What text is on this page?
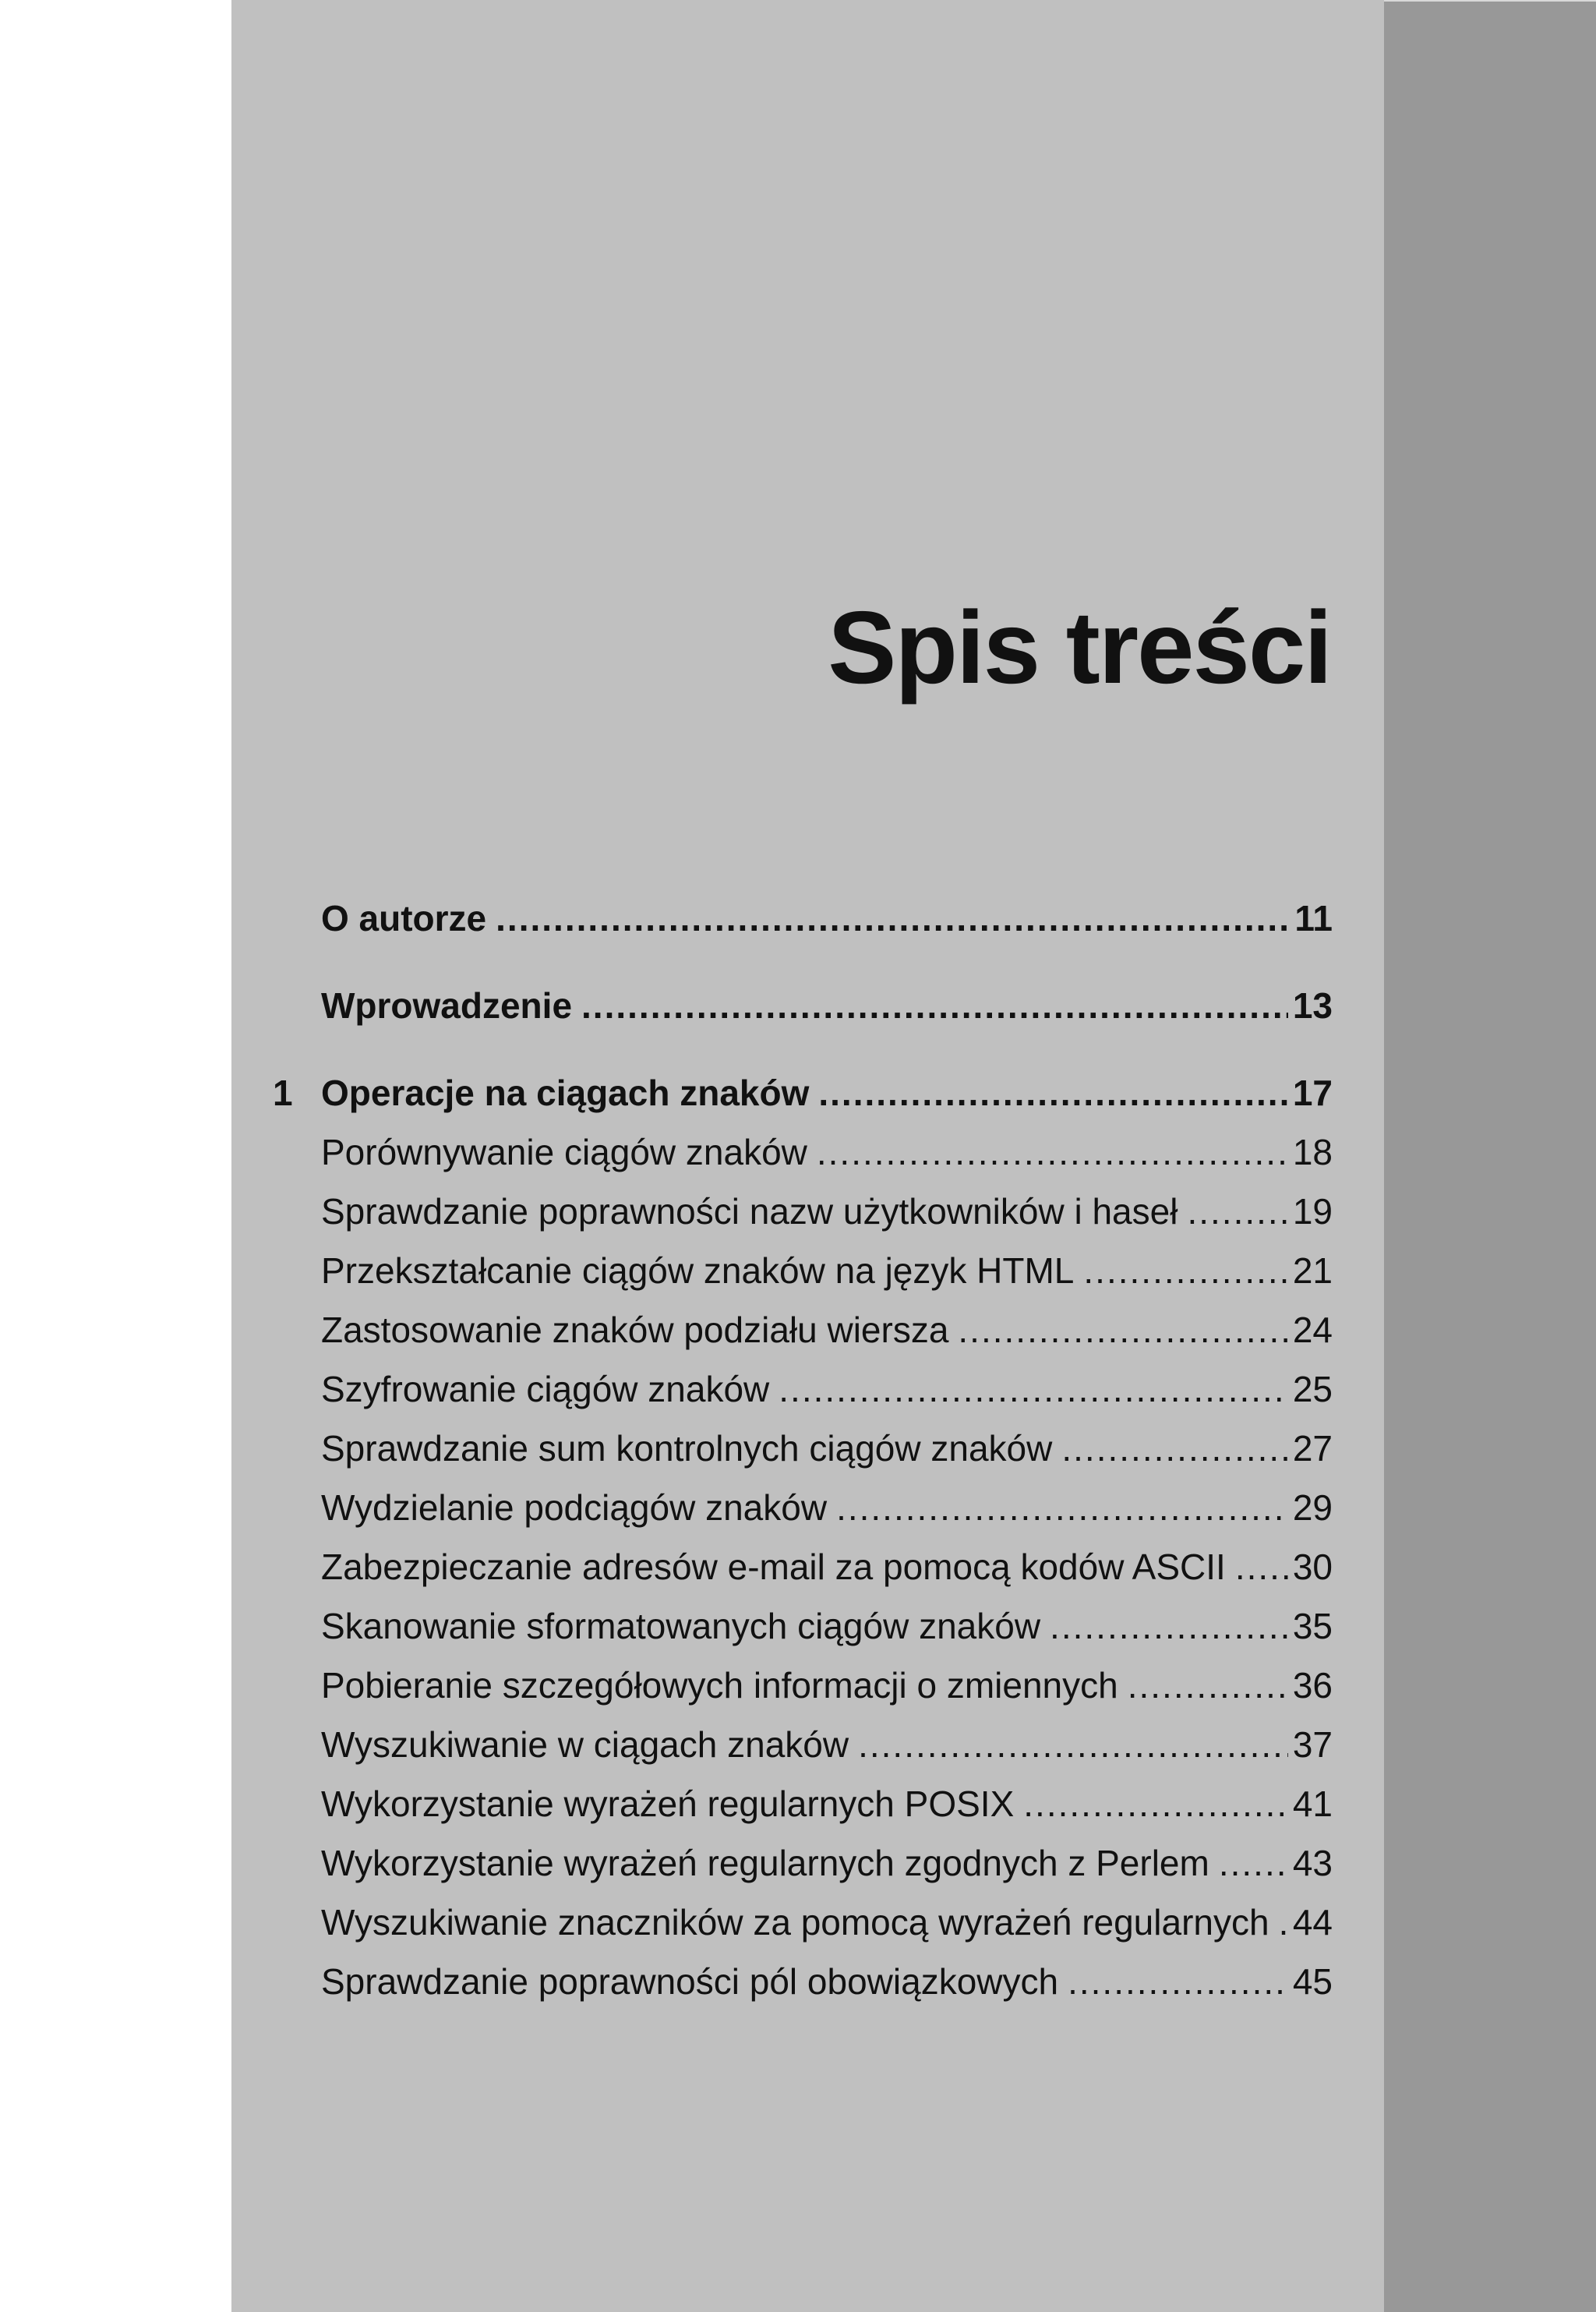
Spis treści
O autorze .....	11
Wprowadzenie .....	13
1 Operacje na ciągach znaków .....	17
Porównywanie ciągów znaków .....	18
Sprawdzanie poprawności nazw użytkowników i haseł .....	19
Przekształcanie ciągów znaków na język HTML .....	21
Zastosowanie znaków podziału wiersza .....	24
Szyfrowanie ciągów znaków .....	25
Sprawdzanie sum kontrolnych ciągów znaków .....	27
Wydzielanie podciągów znaków .....	29
Zabezpieczanie adresów e-mail za pomocą kodów ASCII ..... 30
Skanowanie sformatowanych ciągów znaków .....	35
Pobieranie szczegółowych informacji o zmiennych .....	36
Wyszukiwanie w ciągach znaków .....	37
Wykorzystanie wyrażeń regularnych POSIX .....	41
Wykorzystanie wyrażeń regularnych zgodnych z Perlem ..... 43
Wyszukiwanie znaczników za pomocą wyrażeń regularnych ..... 44
Sprawdzanie poprawności pól obowiązkowych .....	45
